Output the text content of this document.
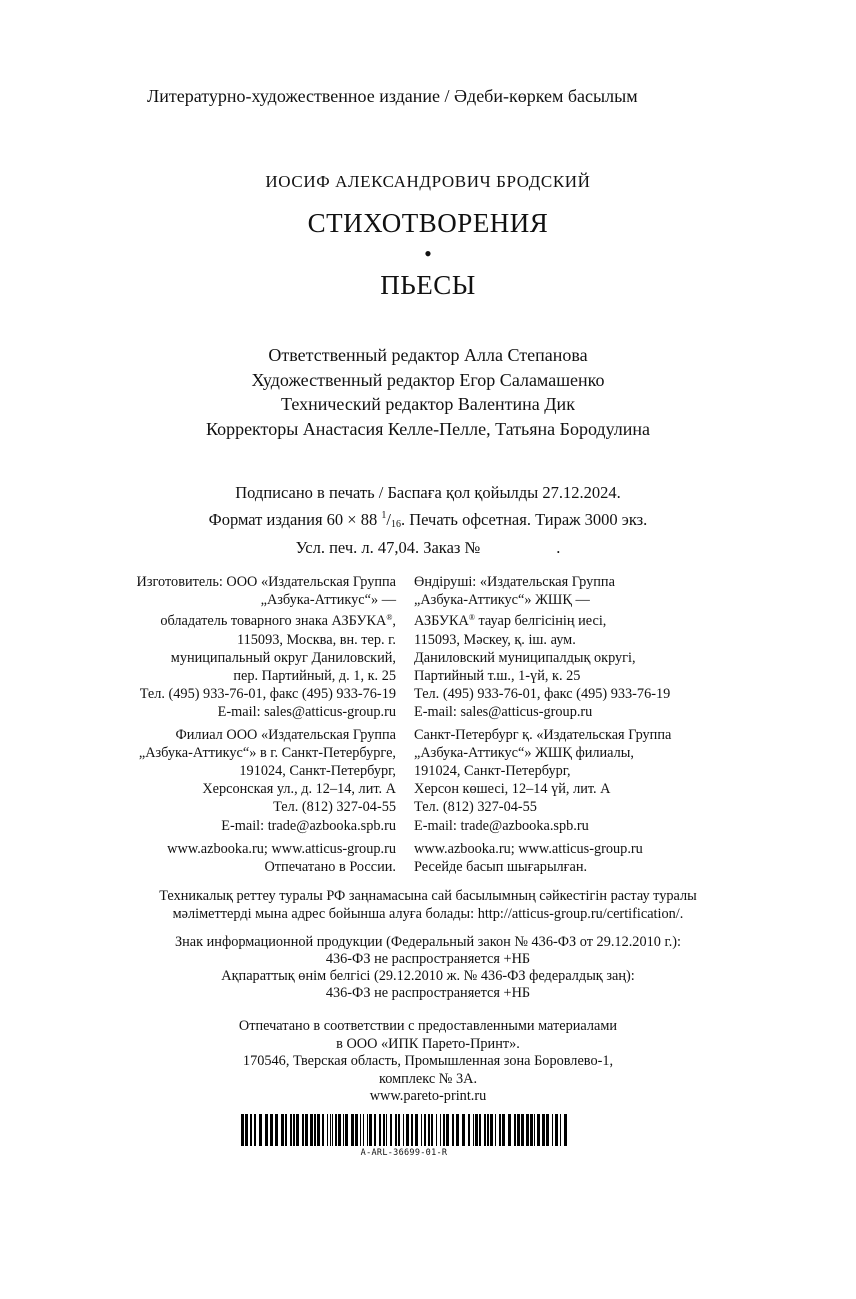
Литературно-художественное издание / Әдеби-көркем басылым
ИОСИФ АЛЕКСАНДРОВИЧ БРОДСКИЙ
СТИХОТВОРЕНИЯ
•
ПЬЕСЫ
Ответственный редактор Алла Степанова
Художественный редактор Егор Саламашенко
Технический редактор Валентина Дик
Корректоры Анастасия Келле-Пелле, Татьяна Бородулина
Подписано в печать / Баспаға қол қойылды 27.12.2024.
Формат издания 60 × 88 $^1/_{16}$. Печать офсетная. Тираж 3000 экз.
Усл. печ. л. 47,04. Заказ №	.

Изготовитель: ООО «Издательская Группа

„Азбука-Аттикус“» —

обладатель товарного знака АЗБУКА®,

115093, Москва, вн. тер. г.

муниципальный округ Даниловский,

пер. Партийный, д. 1, к. 25

Тел. (495) 933-76-01, факс (495) 933-76-19

E-mail: sales@atticus-group.ru

Филиал ООО «Издательская Группа

„Азбука-Аттикус“» в г. Санкт-Петербурге,

191024, Санкт-Петербург,

Херсонская ул., д. 12–14, лит. А

Тел. (812) 327-04-55

E-mail: trade@azbooka.spb.ru

www.azbooka.ru; www.atticus-group.ru

Отпечатано в России.

Өндіруші: «Издательская Группа

„Азбука-Аттикус“» ЖШҚ —

АЗБУКА® тауар белгісінің иесі,

115093, Мәскеу, қ. іш. аум.

Даниловский муниципалдық округі,

Партийный т.ш., 1-үй, к. 25

Тел. (495) 933-76-01, факс (495) 933-76-19

E-mail: sales@atticus-group.ru

Санкт-Петербург қ. «Издательская Группа

„Азбука-Аттикус“» ЖШҚ филиалы,

191024, Санкт-Петербург,

Херсон көшесі, 12–14 үй, лит. А

Тел. (812) 327-04-55

E-mail: trade@azbooka.spb.ru

www.azbooka.ru; www.atticus-group.ru

Ресейде басып шығарылған.

Техникалық реттеу туралы РФ заңнамасына сай басылымның сәйкестігін растау туралы
мәліметтерді мына адрес бойынша алуға болады: http://atticus-group.ru/certification/.
Знак информационной продукции (Федеральный закон № 436-ФЗ от 29.12.2010 г.):
436-ФЗ не распространяется +НБ
Ақпараттық өнім белгісі (29.12.2010 ж. № 436-ФЗ федералдық заң):
436-ФЗ не распространяется +НБ
Отпечатано в соответствии с предоставленными материалами
в ООО «ИПК Парето-Принт».
170546, Тверская область, Промышленная зона Боровлево-1,
комплекс № 3А.
www.pareto-print.ru
A-ARL-36699-01-R
